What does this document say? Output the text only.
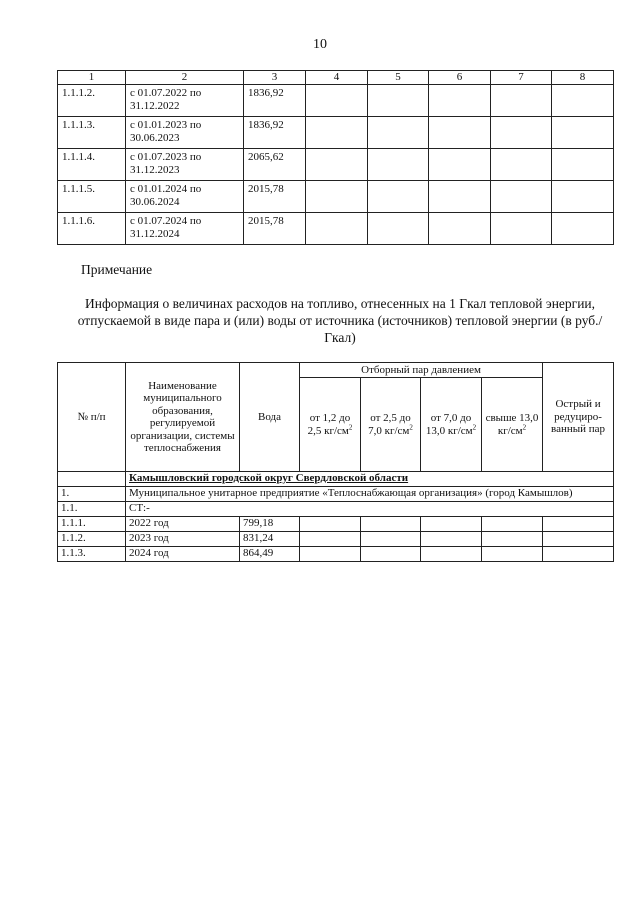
10
1	2	3	4	5	6	7	8
1.1.1.2.	с 01.07.2022 по 31.12.2022	1836,92					
1.1.1.3.	с 01.01.2023 по 30.06.2023	1836,92					
1.1.1.4.	с 01.07.2023 по 31.12.2023	2065,62					
1.1.1.5.	с 01.01.2024 по 30.06.2024	2015,78					
1.1.1.6.	с 01.07.2024 по 31.12.2024	2015,78					
Примечание
Информация о величинах расходов на топливо, отнесенных на 1 Гкал тепловой энергии, отпускаемой в виде пара и (или) воды от источника (источников) тепловой энергии (в руб./Гкал)
№ п/п	Наименование муниципального образования, регулируемой организации, системы теплоснабжения	Вода	Отборный пар давлением				Острый и редуциро-ванный пар
			от 1,2 до 2,5 $кг/см^2$	от 2,5 до 7,0 $кг/см^2$	от 7,0 до 13,0 $кг/см^2$	свыше 13,0 $кг/см^2$
	Камышловский городской округ Свердловской области						
1.	Муниципальное унитарное предприятие «Теплоснабжающая организация» (город Камышлов)						
1.1.	СТ:-						
1.1.1.	2022 год	799,18					
1.1.2.	2023 год	831,24					
1.1.3.	2024 год	864,49					
